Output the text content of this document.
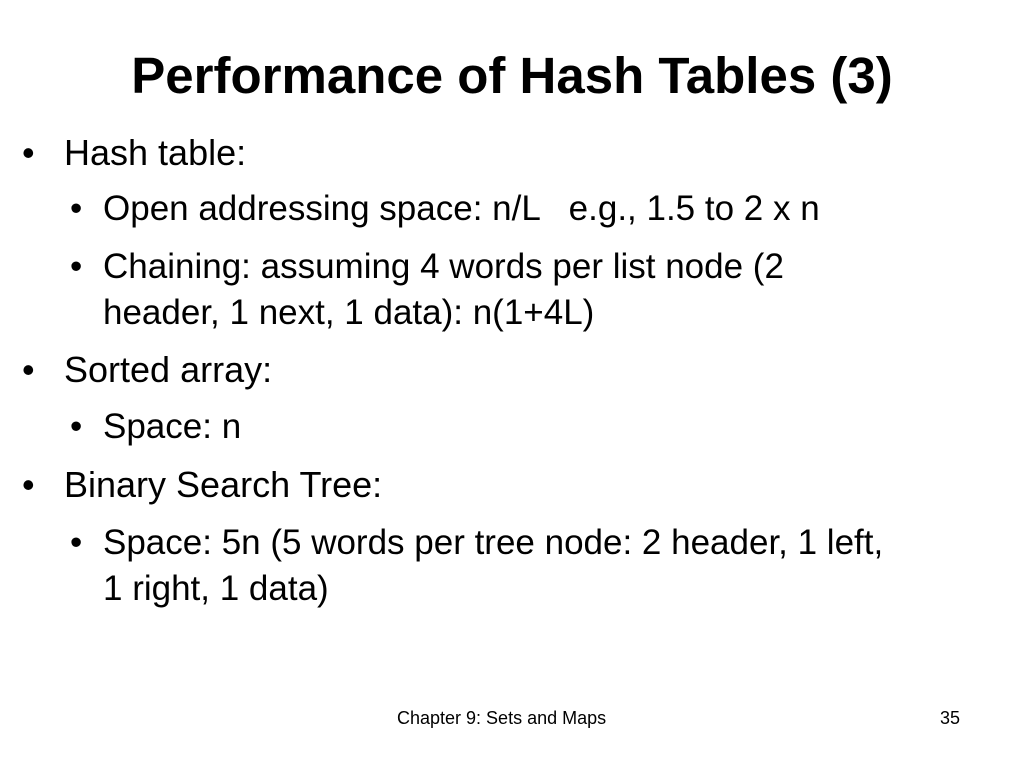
Performance of Hash Tables (3)
• Hash table:
• Open addressing space: n/L   e.g., 1.5 to 2 x n
• Chaining: assuming 4 words per list node (2
header, 1 next, 1 data): n(1+4L)
• Sorted array:
• Space: n
• Binary Search Tree:
• Space: 5n (5 words per tree node: 2 header, 1 left,
1 right, 1 data)
Chapter 9: Sets and Maps	35
